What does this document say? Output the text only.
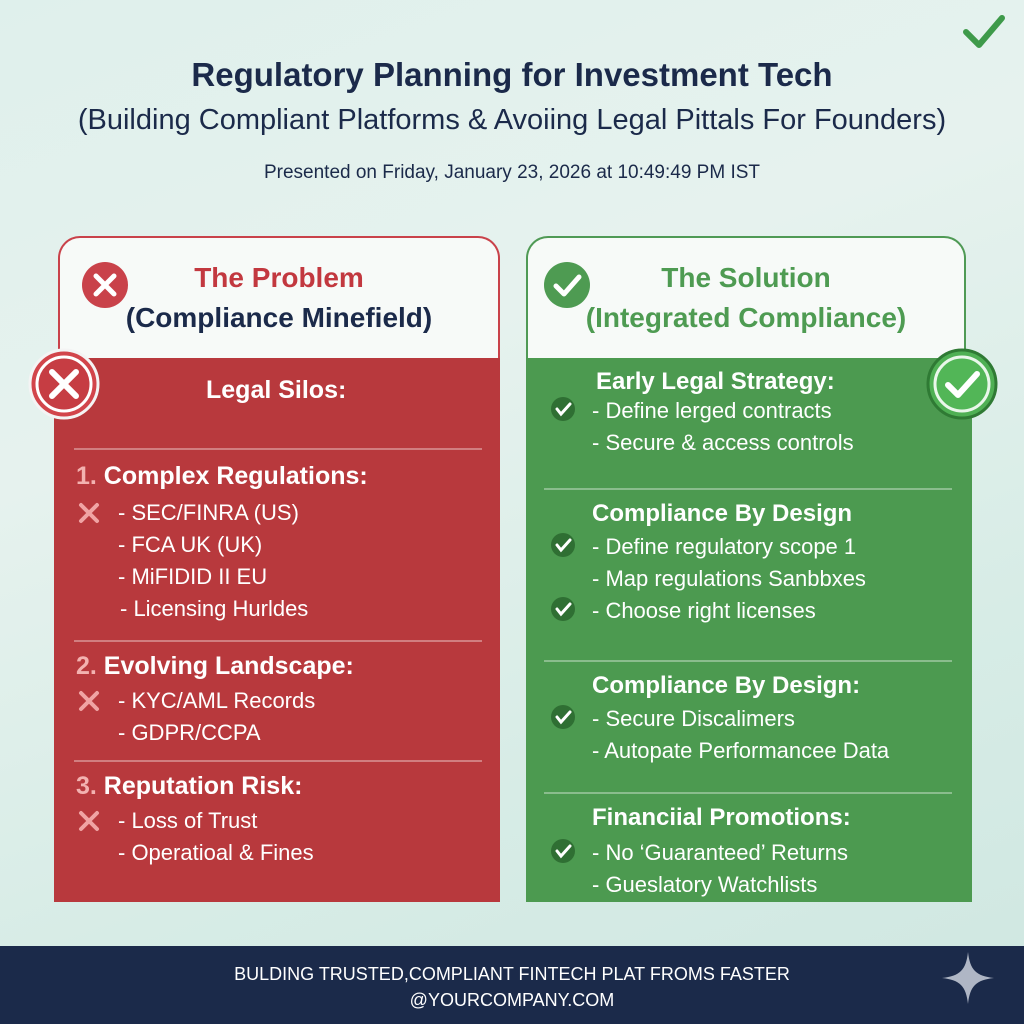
Regulatory Planning for Investment Tech
(Building Compliant Platforms & Avoiing Legal Pittals For Founders)
Presented on Friday, January 23, 2026 at 10:49:49 PM IST
The Problem
(Compliance Minefield)
Legal Silos:
1. Complex Regulations:
- SEC/FINRA (US)
- FCA UK (UK)
- MiFIDID II EU
- Licensing Hurldes
2. Evolving Landscape:
- KYC/AML Records
- GDPR/CCPA
3. Reputation Risk:
- Loss of Trust
- Operatioal & Fines
The Solution
(Integrated Compliance)
Early Legal Strategy:
- Define lerged contracts
- Secure & access controls
Compliance By Design
- Define regulatory scope 1
- Map regulations Sanbbxes
- Choose right licenses
Compliance By Design:
- Secure Discalimers
- Autopate Performancee Data
Financiial Promotions:
- No ‘Guaranteed’ Returns
- Gueslatory Watchlists
BULDING TRUSTED,COMPLIANT FINTECH PLAT FROMS FASTER
@YOURCOMPANY.COM
